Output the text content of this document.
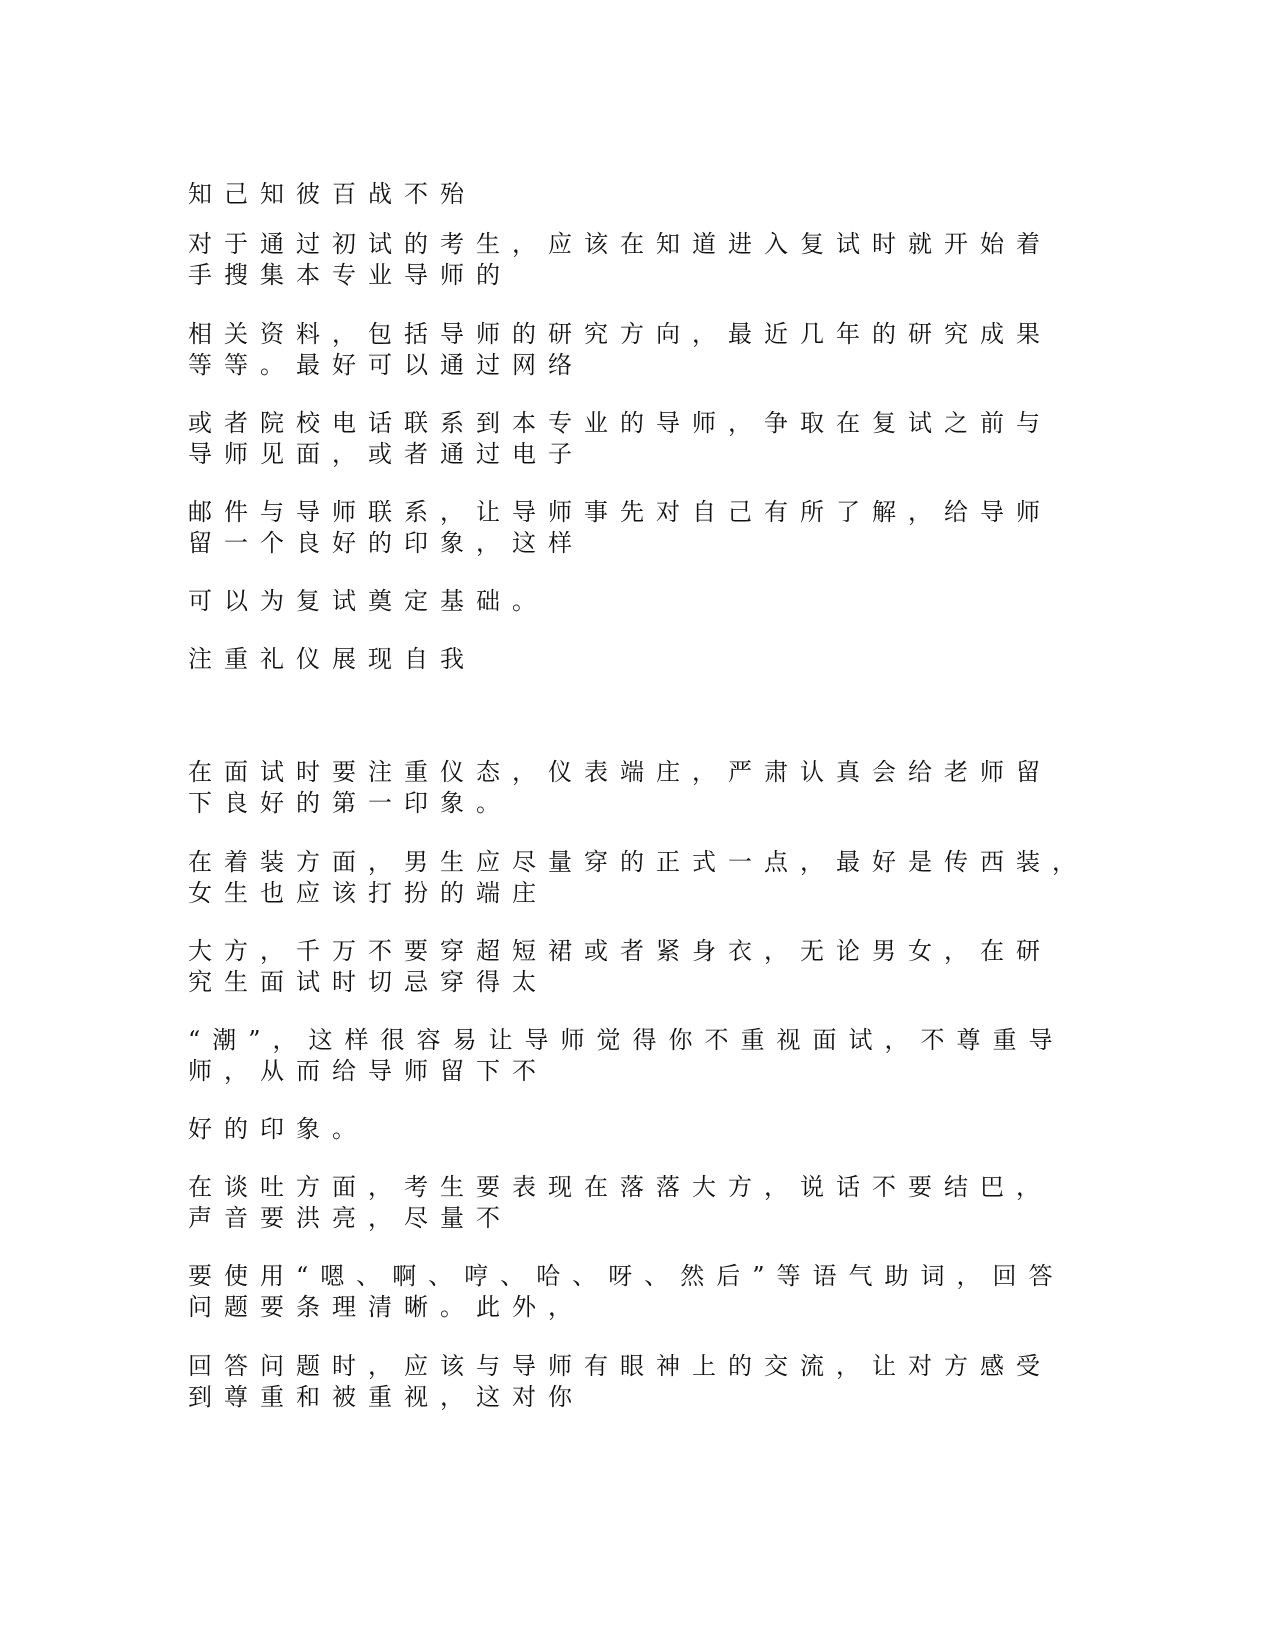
知己知彼百战不殆

对于通过初试的考生，应该在知道进入复试时就开始着

手搜集本专业导师的

相关资料，包括导师的研究方向，最近几年的研究成果

等等。最好可以通过网络

或者院校电话联系到本专业的导师，争取在复试之前与

导师见面，或者通过电子

邮件与导师联系，让导师事先对自己有所了解，给导师

留一个良好的印象，这样

可以为复试奠定基础。

注重礼仪展现自我

在面试时要注重仪态，仪表端庄，严肃认真会给老师留

下良好的第一印象。

在着装方面，男生应尽量穿的正式一点，最好是传西装，

女生也应该打扮的端庄

大方，千万不要穿超短裙或者紧身衣，无论男女，在研

究生面试时切忌穿得太

“潮”，这样很容易让导师觉得你不重视面试，不尊重导

师，从而给导师留下不

好的印象。

在谈吐方面，考生要表现在落落大方，说话不要结巴，

声音要洪亮，尽量不

要使用“嗯、啊、哼、哈、呀、然后”等语气助词，回答

问题要条理清晰。此外，

回答问题时，应该与导师有眼神上的交流，让对方感受

到尊重和被重视，这对你
